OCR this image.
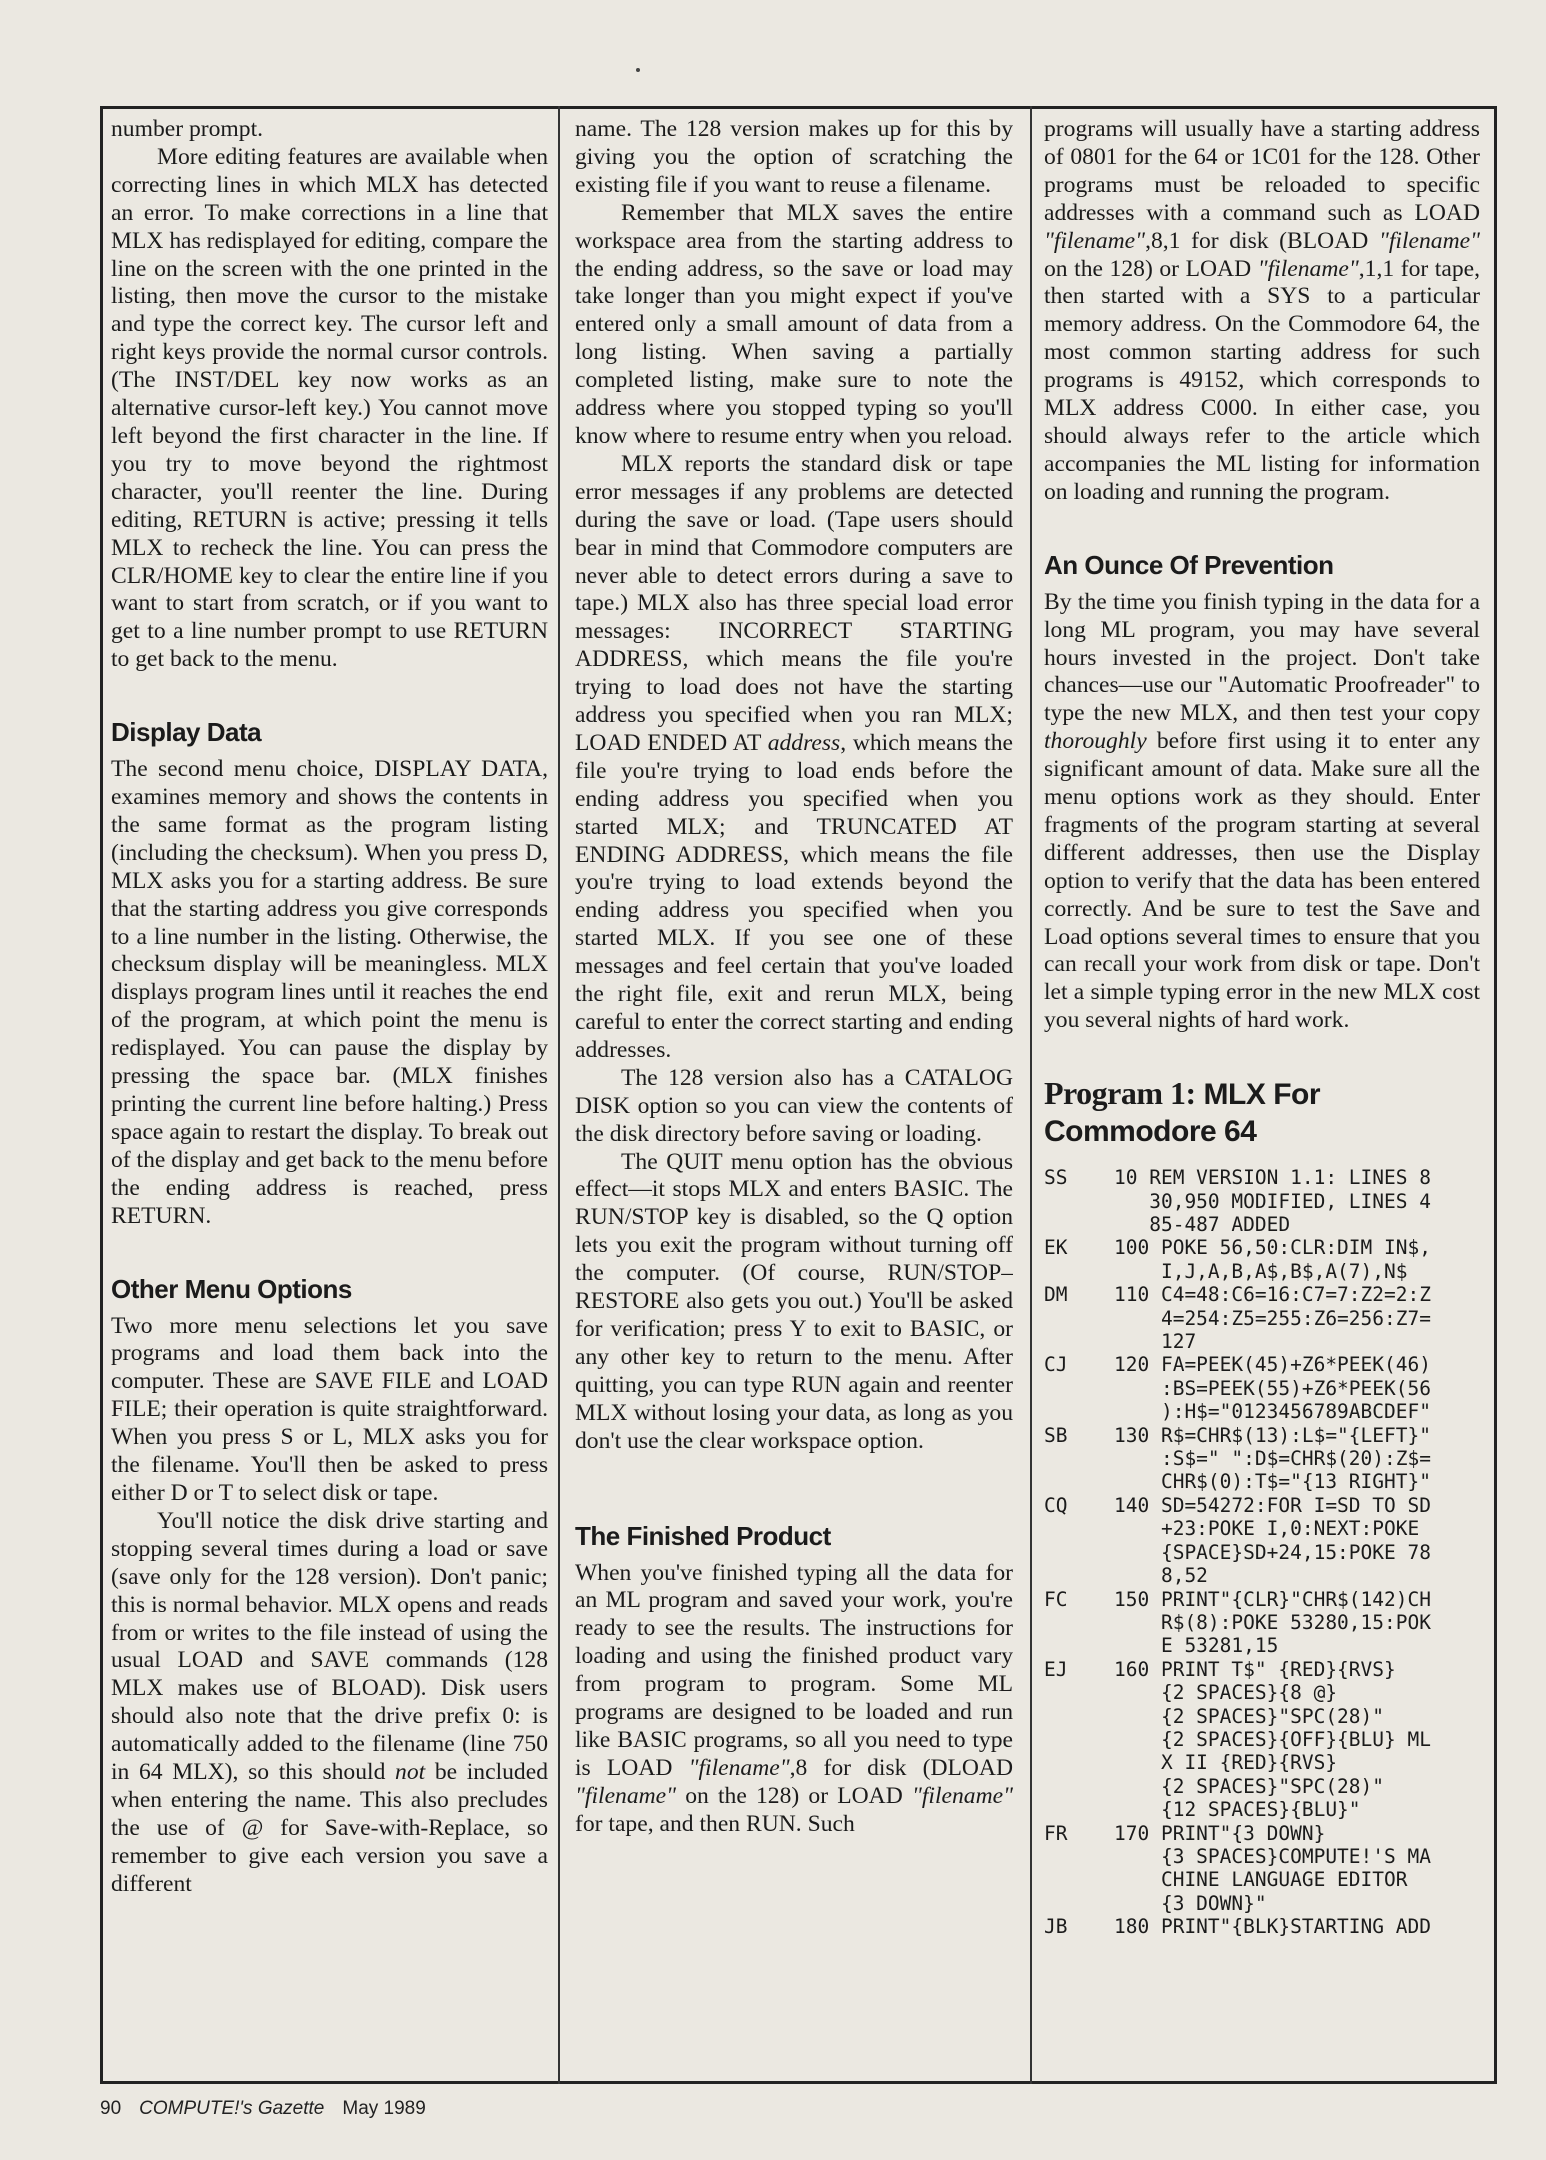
number prompt.

More editing features are available when correcting lines in which MLX has detected an error. To make corrections in a line that MLX has redisplayed for editing, compare the line on the screen with the one printed in the listing, then move the cursor to the mistake and type the correct key. The cursor left and right keys provide the normal cursor controls. (The INST/DEL key now works as an alternative cursor-left key.) You cannot move left beyond the first character in the line. If you try to move beyond the rightmost character, you'll reenter the line. During editing, RETURN is active; pressing it tells MLX to recheck the line. You can press the CLR/HOME key to clear the entire line if you want to start from scratch, or if you want to get to a line number prompt to use RETURN to get back to the menu.

Display Data

The second menu choice, DISPLAY DATA, examines memory and shows the contents in the same format as the program listing (including the checksum). When you press D, MLX asks you for a starting address. Be sure that the starting address you give corresponds to a line number in the listing. Otherwise, the checksum display will be meaningless. MLX displays program lines until it reaches the end of the program, at which point the menu is redisplayed. You can pause the display by pressing the space bar. (MLX finishes printing the current line before halting.) Press space again to restart the display. To break out of the display and get back to the menu before the ending address is reached, press RETURN.

Other Menu Options

Two more menu selections let you save programs and load them back into the computer. These are SAVE FILE and LOAD FILE; their operation is quite straightforward. When you press S or L, MLX asks you for the filename. You'll then be asked to press either D or T to select disk or tape.

You'll notice the disk drive starting and stopping several times during a load or save (save only for the 128 version). Don't panic; this is normal behavior. MLX opens and reads from or writes to the file instead of using the usual LOAD and SAVE commands (128 MLX makes use of BLOAD). Disk users should also note that the drive prefix 0: is automatically added to the filename (line 750 in 64 MLX), so this should not be included when entering the name. This also precludes the use of @ for Save-with-Replace, so remember to give each version you save a different

name. The 128 version makes up for this by giving you the option of scratching the existing file if you want to reuse a filename.

Remember that MLX saves the entire workspace area from the starting address to the ending address, so the save or load may take longer than you might expect if you've entered only a small amount of data from a long listing. When saving a partially completed listing, make sure to note the address where you stopped typing so you'll know where to resume entry when you reload.

MLX reports the standard disk or tape error messages if any problems are detected during the save or load. (Tape users should bear in mind that Commodore computers are never able to detect errors during a save to tape.) MLX also has three special load error messages: INCORRECT STARTING ADDRESS, which means the file you're trying to load does not have the starting address you specified when you ran MLX; LOAD ENDED AT address, which means the file you're trying to load ends before the ending address you specified when you started MLX; and TRUNCATED AT ENDING ADDRESS, which means the file you're trying to load extends beyond the ending address you specified when you started MLX. If you see one of these messages and feel certain that you've loaded the right file, exit and rerun MLX, being careful to enter the correct starting and ending addresses.

The 128 version also has a CATALOG DISK option so you can view the contents of the disk directory before saving or loading.

The QUIT menu option has the obvious effect—it stops MLX and enters BASIC. The RUN/STOP key is disabled, so the Q option lets you exit the program without turning off the computer. (Of course, RUN/STOP–RESTORE also gets you out.) You'll be asked for verification; press Y to exit to BASIC, or any other key to return to the menu. After quitting, you can type RUN again and reenter MLX without losing your data, as long as you don't use the clear workspace option.

The Finished Product

When you've finished typing all the data for an ML program and saved your work, you're ready to see the results. The instructions for loading and using the finished product vary from program to program. Some ML programs are designed to be loaded and run like BASIC programs, so all you need to type is LOAD "filename",8 for disk (DLOAD "filename" on the 128) or LOAD "filename" for tape, and then RUN. Such

programs will usually have a starting address of 0801 for the 64 or 1C01 for the 128. Other programs must be reloaded to specific addresses with a command such as LOAD "filename",8,1 for disk (BLOAD "filename" on the 128) or LOAD "filename",1,1 for tape, then started with a SYS to a particular memory address. On the Commodore 64, the most common starting address for such programs is 49152, which corresponds to MLX address C000. In either case, you should always refer to the article which accompanies the ML listing for information on loading and running the program.

An Ounce Of Prevention

By the time you finish typing in the data for a long ML program, you may have several hours invested in the project. Don't take chances—use our "Automatic Proofreader" to type the new MLX, and then test your copy thoroughly before first using it to enter any significant amount of data. Make sure all the menu options work as they should. Enter fragments of the program starting at several different addresses, then use the Display option to verify that the data has been entered correctly. And be sure to test the Save and Load options several times to ensure that you can recall your work from disk or tape. Don't let a simple typing error in the new MLX cost you several nights of hard work.

Program 1: MLX For Commodore 64
SS	10 REM VERSION 1.1: LINES 8
30,950 MODIFIED, LINES 4
85-487 ADDED
EK	100 POKE 56,50:CLR:DIM IN$,
I,J,A,B,A$,B$,A(7),N$
DM	110 C4=48:C6=16:C7=7:Z2=2:Z
4=254:Z5=255:Z6=256:Z7=
127
CJ	120 FA=PEEK(45)+Z6*PEEK(46)
:BS=PEEK(55)+Z6*PEEK(56
):H$="0123456789ABCDEF"
SB	130 R$=CHR$(13):L$="{LEFT}"
:S$=" ":D$=CHR$(20):Z$=
CHR$(0):T$="{13 RIGHT}"
CQ	140 SD=54272:FOR I=SD TO SD
+23:POKE I,0:NEXT:POKE
{SPACE}SD+24,15:POKE 78
8,52
FC	150 PRINT"{CLR}"CHR$(142)CH
R$(8):POKE 53280,15:POK
E 53281,15
EJ	160 PRINT T$" {RED}{RVS}
{2 SPACES}{8 @}
{2 SPACES}"SPC(28)"
{2 SPACES}{OFF}{BLU} ML
X II {RED}{RVS}
{2 SPACES}"SPC(28)"
{12 SPACES}{BLU}"
FR	170 PRINT"{3 DOWN}
{3 SPACES}COMPUTE!'S MA
CHINE LANGUAGE EDITOR
{3 DOWN}"
JB	180 PRINT"{BLK}STARTING ADD
90 COMPUTE!'s Gazette May 1989
